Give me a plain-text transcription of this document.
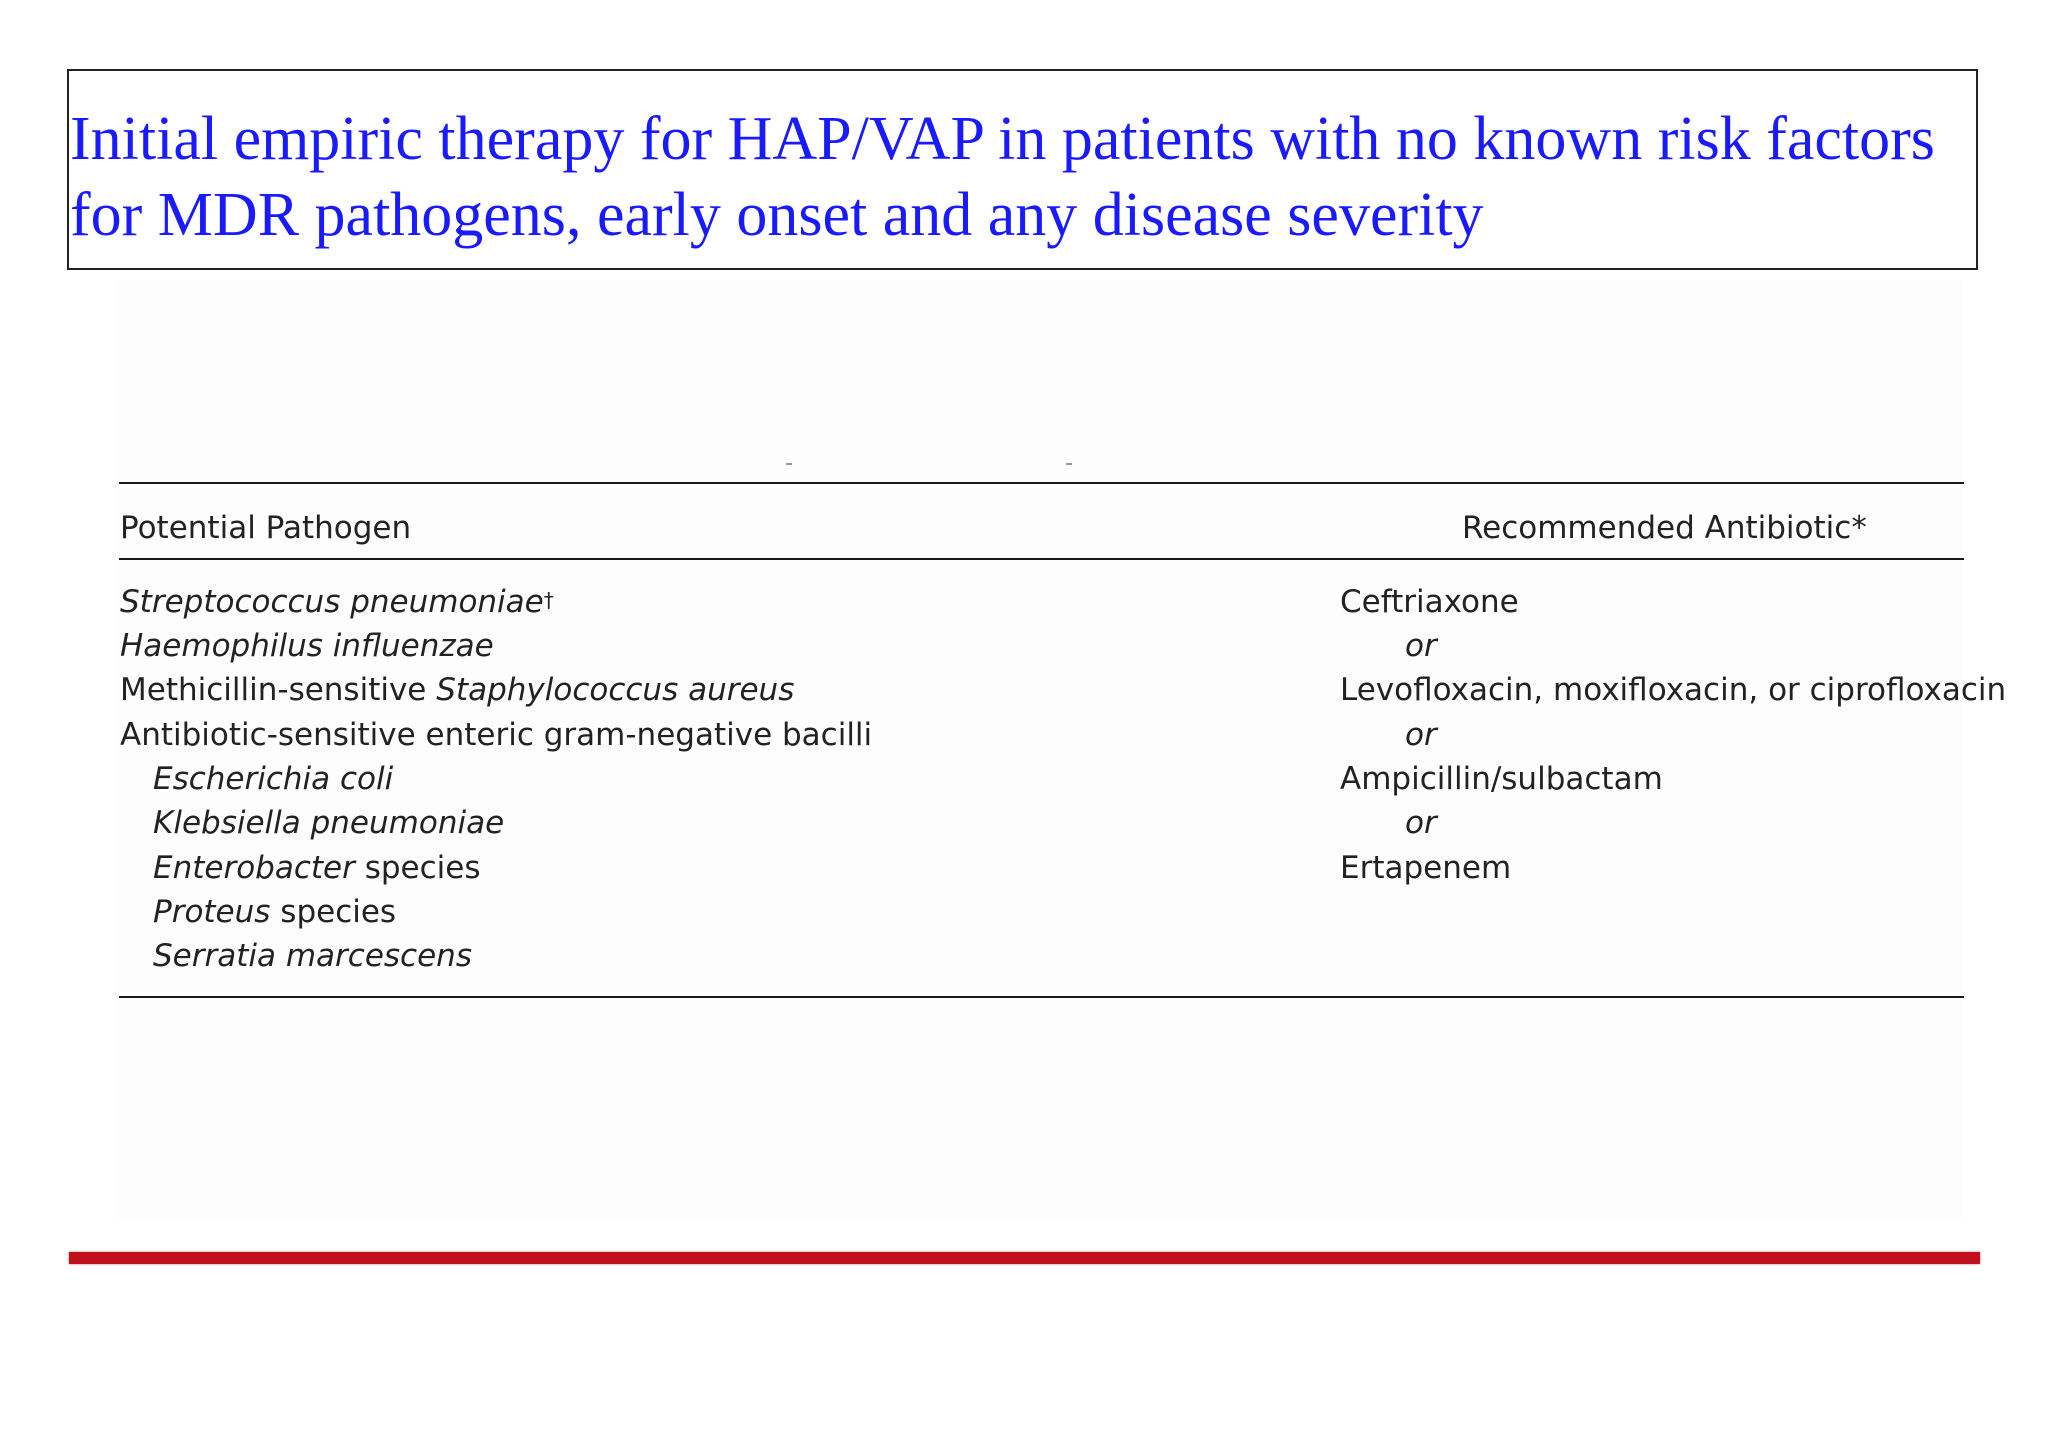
Initial empiric therapy for HAP/VAP in patients with no known risk factors for MDR pathogens, early onset and any disease severity
Potential Pathogen	Recommended Antibiotic*
Streptococcus pneumoniae†
Haemophilus influenzae
Methicillin-sensitive Staphylococcus aureus
Antibiotic-sensitive enteric gram-negative bacilli
Escherichia coli
Klebsiella pneumoniae
Enterobacter species
Proteus species
Serratia marcescens
Ceftriaxone
or
Levofloxacin, moxifloxacin, or ciprofloxacin
or
Ampicillin/sulbactam
or
Ertapenem
